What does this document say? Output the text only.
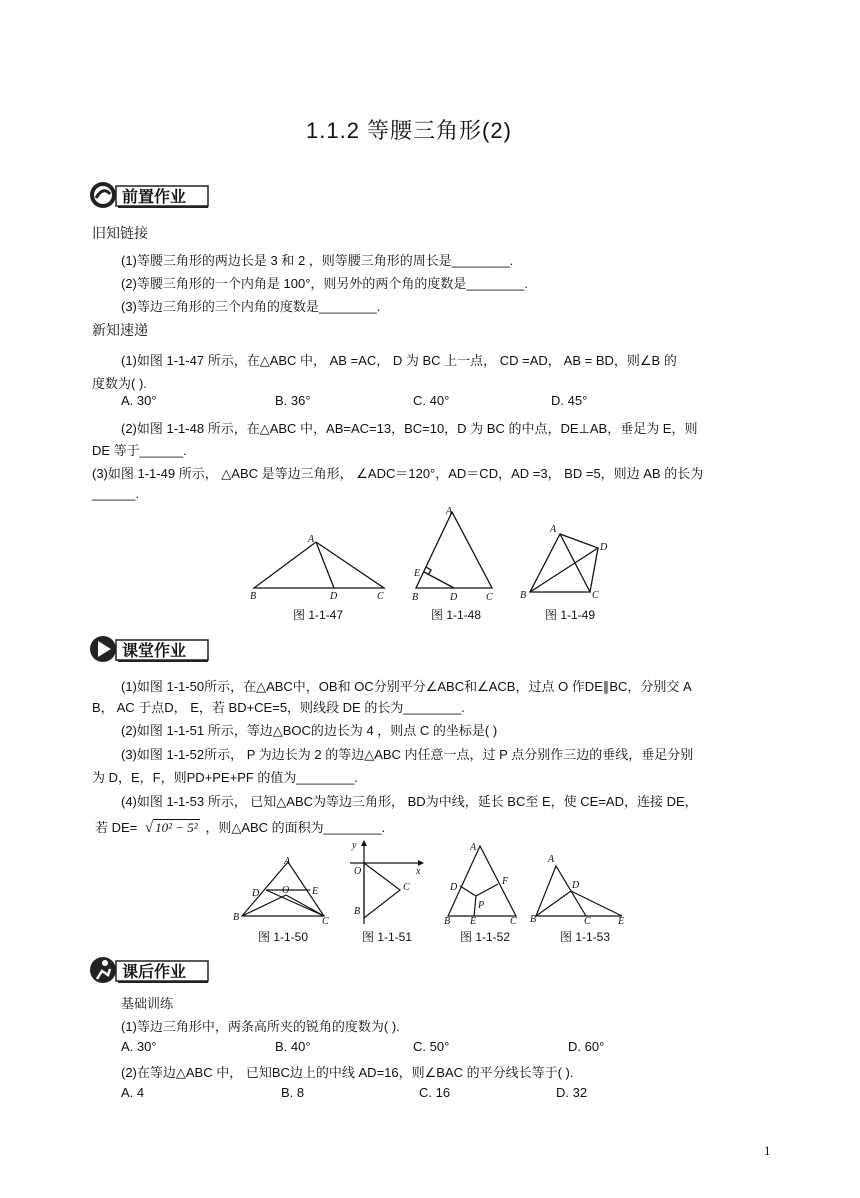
1.1.2 等腰三角形(2)
前置作业
旧知链接
(1)等腰三角形的两边长是 3 和 2 ，则等腰三角形的周长是________.
(2)等腰三角形的一个内角是 100°，则另外的两个角的度数是________.
(3)等边三角形的三个内角的度数是________.
新知速递
(1)如图 1-1-47 所示，在△ABC 中， AB =AC， D 为 BC 上一点， CD =AD， AB = BD，则∠B 的
度数为( ).
A. 30°	B. 36°	C. 40°	D. 45°
(2)如图 1-1-48 所示，在△ABC 中，AB=AC=13，BC=10，D 为 BC 的中点，DE⊥AB，垂足为 E，则
DE 等于______.
(3)如图 1-1-49 所示， △ABC 是等边三角形， ∠ADC＝120°，AD＝CD，AD =3， BD =5，则边 AB 的长为
______.
A
B	D	C
图 1-1-47
A
E
B	D	C
图 1-1-48
A
D
B	C
图 1-1-49
课堂作业
(1)如图 1-1-50所示，在△ABC中，OB和 OC分别平分∠ABC和∠ACB，过点 O 作DE∥BC，分别交 A
B， AC 于点D， E，若 BD+CE=5，则线段 DE 的长为________.
(2)如图 1-1-51 所示，等边△BOC的边长为 4 ，则点 C 的坐标是( )
(3)如图 1-1-52所示， P 为边长为 2 的等边△ABC 内任意一点，过 P 点分别作三边的垂线，垂足分别
为 D，E，F，则PD+PE+PF 的值为________.
(4)如图 1-1-53 所示， 已知△ABC为等边三角形， BD为中线，延长 BC至 E，使 CE=AD，连接 DE，
若 DE= √ 10² − 5² ，则△ABC 的面积为________.
A
D O E
B	C
图 1-1-50
y
O	x
C
B
图 1-1-51
A
D
F
P
B E	C
图 1-1-52
A
D
B	C	E
图 1-1-53
课后作业
基础训练
(1)等边三角形中，两条高所夹的锐角的度数为( ).
A. 30°	B. 40°	C. 50°	D. 60°
(2)在等边△ABC 中， 已知BC边上的中线 AD=16，则∠BAC 的平分线长等于( ).
A. 4	B. 8	C. 16	D. 32
1
